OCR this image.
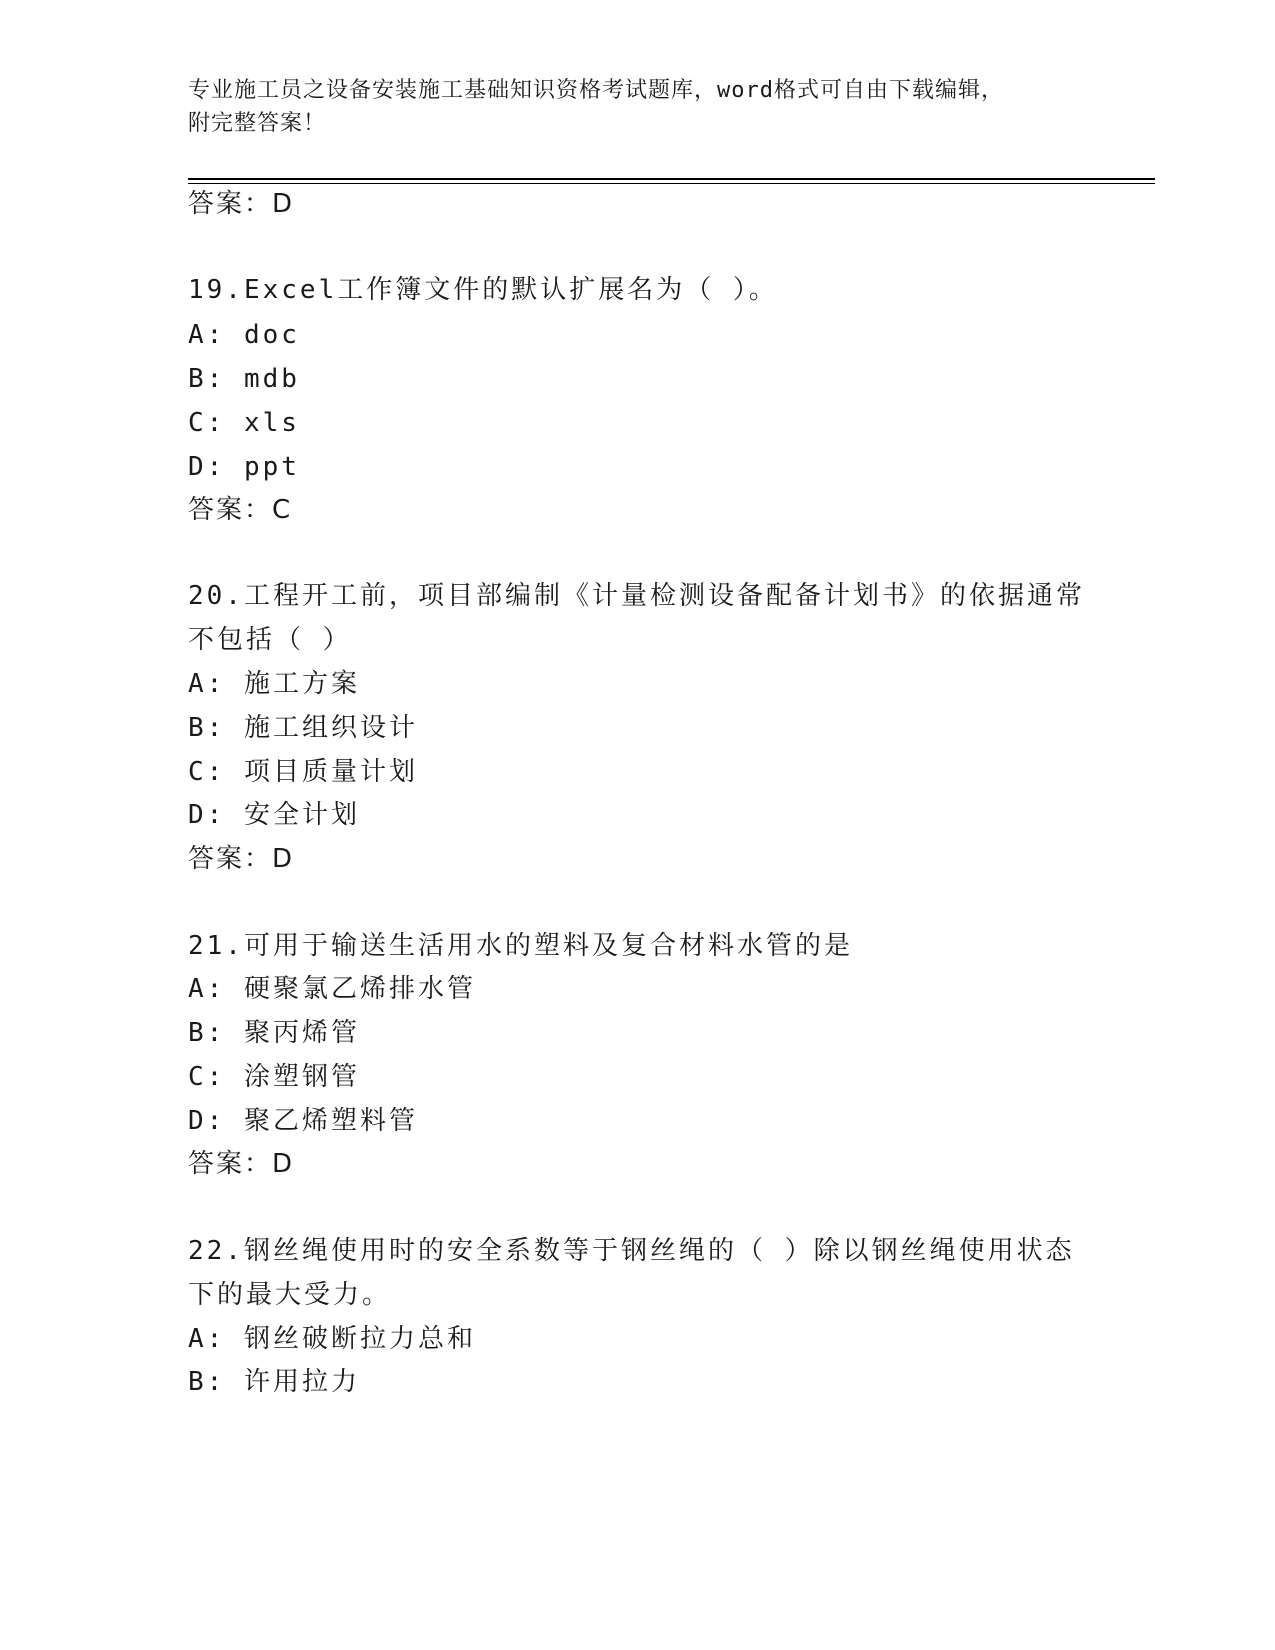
专业施工员之设备安装施工基础知识资格考试题库，word格式可自由下载编辑，
附完整答案！
答案：D
19.Excel工作簿文件的默认扩展名为（ ）。
A: doc
B: mdb
C: xls
D: ppt
答案：C
20.工程开工前，项目部编制《计量检测设备配备计划书》的依据通常
不包括（ ）
A: 施工方案
B: 施工组织设计
C: 项目质量计划
D: 安全计划
答案：D
21.可用于输送生活用水的塑料及复合材料水管的是
A: 硬聚氯乙烯排水管
B: 聚丙烯管
C: 涂塑钢管
D: 聚乙烯塑料管
答案：D
22.钢丝绳使用时的安全系数等于钢丝绳的（ ）除以钢丝绳使用状态
下的最大受力。
A: 钢丝破断拉力总和
B: 许用拉力
